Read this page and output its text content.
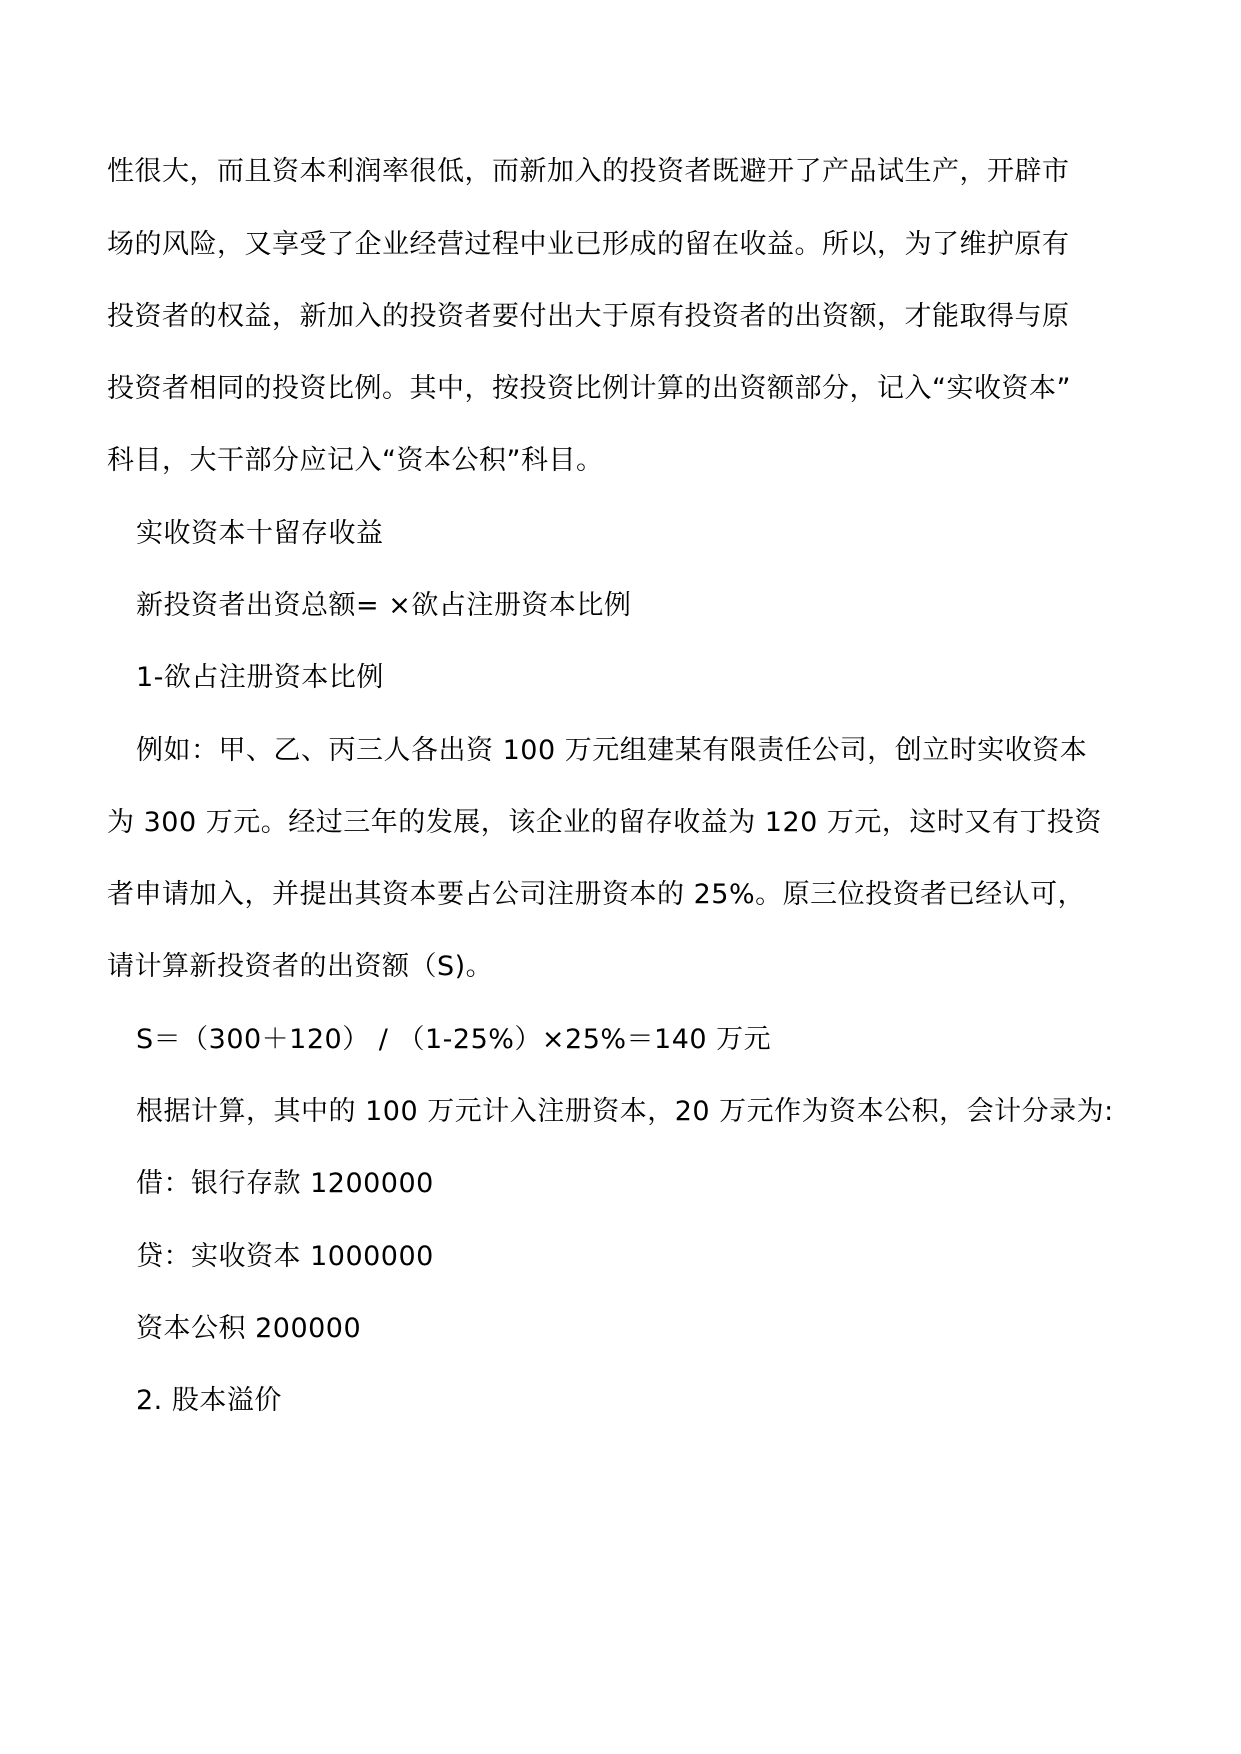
性很大，而且资本利润率很低，而新加入的投资者既避开了产品试生产，开辟市
场的风险，又享受了企业经营过程中业已形成的留在收益。所以，为了维护原有
投资者的权益，新加入的投资者要付出大于原有投资者的出资额，才能取得与原
投资者相同的投资比例。其中，按投资比例计算的出资额部分，记入“实收资本”
科目，大干部分应记入“资本公积”科目。
实收资本十留存收益
新投资者出资总额= ×欲占注册资本比例
1-欲占注册资本比例
例如：甲、乙、丙三人各出资 100 万元组建某有限责任公司，创立时实收资本
为 300 万元。经过三年的发展，该企业的留存收益为 120 万元，这时又有丁投资
者申请加入，并提出其资本要占公司注册资本的 25%。原三位投资者已经认可，
请计算新投资者的出资额（S)。
S＝（300＋120） / （1-25%）×25%＝140 万元
根据计算，其中的 100 万元计入注册资本，20 万元作为资本公积，会计分录为:
借：银行存款 1200000
贷：实收资本 1000000
资本公积 200000
2. 股本溢价
